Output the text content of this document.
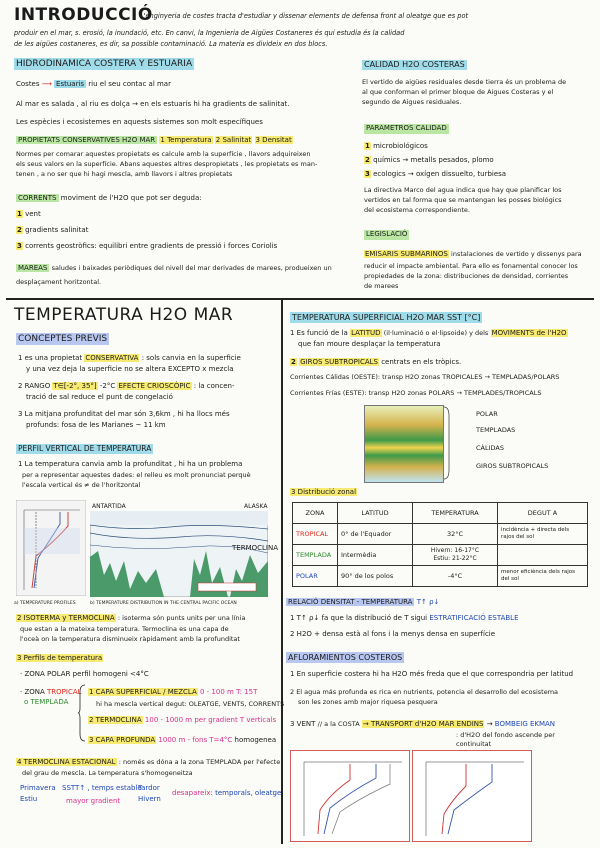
INTRODUCCIÓ
L'enginyeria de costes tracta d'estudiar y dissenar elements de defensa front al oleatge que es pot
produir en el mar, s. erosió, la inundació, etc. En canvi, la Ingenieria de Aigües Costaneres és qui estudia és la calidad
de les aigües costaneres, es dir, sa possible contaminació. La materia es divideix en dos blocs.
HIDRODINAMICA COSTERA Y ESTUARIA
Costes ⟶ Estuaris riu el seu contac al mar
Al mar es salada , al riu es dolça → en els estuaris hi ha gradients de salinitat.
Les espècies i ecosistemes en aquests sistemes son molt específiques
PROPIETATS CONSERVATIVES H2O MAR 1 Temperatura 2 Salinitat 3 Densitat
Normes per comarar aquestes propietats es calcule amb la superfície , llavors adquireixen
els seus valors en la superfície. Abans aquestes altres despropietats , les propietats es man-
tenen , a no ser que hi hagi mescla, amb llavors i altres propietats
CORRENTS moviment de l'H2O que pot ser deguda:
1 vent
2 gradients salinitat
3 corrents geostròfics: equilibri entre gradients de pressió i forces Coriolis
MAREAS saludes i baixades periòdiques del nivell del mar derivades de marees, produeixen un
desplaçament horitzontal.
CALIDAD H2O COSTERAS
El vertido de aigües residuales desde tierra és un problema de
al que conforman el primer bloque de Aigues Costeras y el
segundo de Aigues residuales.
PARAMETROS CALIDAD
1 microbiológicos
2 químics → metalls pesados, plomo
3 ecologics → oxígen dissuelto, turbiesa
La directiva Marco del agua indica que hay que planificar los
vertidos en tal forma que se mantengan les posses biológics
del ecosistema correspondiente.
LEGISLACIÓ
EMISARIS SUBMARINOS instalaciones de vertido y dissenys para
reducir el impacte ambiental. Para ello es fonamental conocer los
propiedades de la zona: distribuciones de densidad, corrientes
de marees
TEMPERATURA H2O MAR
CONCEPTES PREVIS
1 es una propietat CONSERVATIVA : sols canvia en la superficie
y una vez deja la superficie no se altera EXCEPTO x mezcla
2 RANGO T∈[-2°, 35°] -2°C EFECTE CRIOSCÒPIC : la concen-
tració de sal reduce el punt de congelació
3 La mitjana profunditat del mar són 3,6km , hi ha llocs més
profunds: fosa de les Marianes ~ 11 km
PERFIL VERTICAL DE TEMPERATURA
1 La temperatura canvia amb la profunditat , hi ha un problema
per a representar aquestes dades: el relleu es molt pronunciat perquè
l'escala vertical és ≠ de l'horitzontal
a) TEMPERATURE PROFILES
ANTARTIDA	ALASKA
TERMOCLINA
b) TEMPERATURE DISTRIBUTION IN THE CENTRAL PACIFIC OCEAN
2 ISOTERMA y TERMOCLINA : isoterma són punts units per una línia
que estan a la mateixa temperatura. Termoclina es una capa de
l'oceà on la temperatura disminueix ràpidament amb la profunditat
3 Perfils de temperatura
· ZONA POLAR perfil homogeni <4°C
· ZONA TROPICAL
o TEMPLADA
1 CAPA SUPERFICIAL / MEZCLA 0 - 100 m T: 15T
hi ha mescla vertical degut: OLEATGE, VENTS, CORRENTS
2 TERMOCLINA 100 - 1000 m per gradient T verticals
3 CAPA PROFUNDA 1000 m - fons T=4°C homogenea
4 TERMOCLINA ESTACIONAL : només es dóna a la zona TEMPLADA per l'efecte
del grau de mescla. La temperatura s'homogeneitza
Primavera
Estiu
SSTT↑ , temps estable
mayor gradient
Tardor
Hivern
desapareix: temporals, oleatge
TEMPERATURA SUPERFICIAL H2O MAR SST [°C]
1 Es funció de la LATITUD (il·luminació o el·lipsoide) y dels MOVIMENTS de l'H2O
que fan moure desplaçar la temperatura
2 GIROS SUBTROPICALS centrats en els tròpics.
Corrientes Cálidas (OESTE): transp H2O zonas TROPICALES → TEMPLADAS/POLARS
Corrientes Frías (ESTE): transp H2O zonas POLARS → TEMPLADES/TROPICALS
POLAR
TEMPLADAS
CÀLIDAS
GIROS SUBTROPICALS
3 Distribució zonal
ZONA	LATITUD	TEMPERATURA	DEGUT A
TROPICAL	0° de l'Equador	32°C	incidència + directa dels rajos del sol
TEMPLADA	Intermèdia	Hivern: 16-17°C
Estiu: 21-22°C	

POLAR	90° de los polos	-4°C	menor eficiència dels rajos del sol
RELACIÓ DENSITAT - TEMPERATURA T↑ ρ↓
1 T↑ ρ↓ fa que la distribució de T sigui ESTRATIFICACIÓ ESTABLE
2 H2O + densa està al fons i la menys densa en superfície
AFLORAMIENTOS COSTEROS
1 En superficie costera hi ha H2O més freda que el que correspondria per latitud
2 El agua más profunda es rica en nutrients, potencia el desarrollo del ecosistema
son les zones amb major riquesa pesquera
3 VENT // a la COSTA → TRANSPORT d'H2O MAR ENDINS → BOMBEIG EKMAN
: d'H2O del fondo ascende per continuitat
